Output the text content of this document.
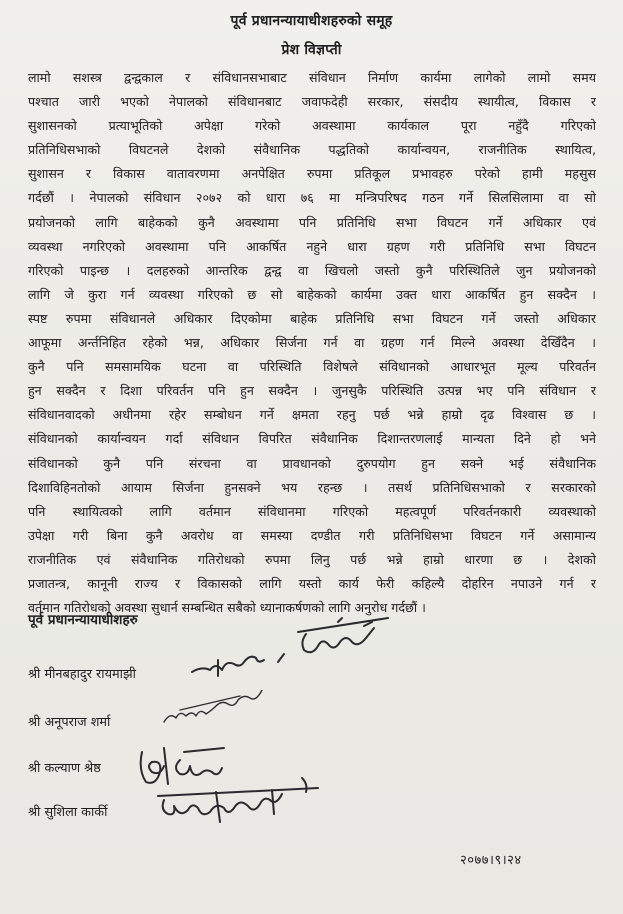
पूर्व प्रधानन्यायाधीशहरुको समूह
प्रेश विज्ञप्ती
लामो सशस्त्र द्वन्द्वकाल र संविधानसभाबाट संविधान निर्माण कार्यमा लागेको लामो समय
पश्चात जारी भएको नेपालको संविधानबाट जवाफदेही सरकार, संसदीय स्थायीत्व, विकास र
सुशासनको प्रत्याभूतिको अपेक्षा गरेको अवस्थामा कार्यकाल पूरा नहुँदै गरिएको
प्रतिनिधिसभाको विघटनले देशको संवैधानिक पद्धतिको कार्यान्वयन, राजनीतिक स्थायित्व,
सुशासन र विकास वातावरणमा अनपेक्षित रुपमा प्रतिकूल प्रभावहरु परेको हामी महसुस
गर्दछौं । नेपालको संविधान २०७२ को धारा ७६ मा मन्त्रिपरिषद गठन गर्ने सिलसिलामा वा सो
प्रयोजनको लागि बाहेकको कुनै अवस्थामा पनि प्रतिनिधि सभा विघटन गर्ने अधिकार एवं
व्यवस्था नगरिएको अवस्थामा पनि आकर्षित नहुने धारा ग्रहण गरी प्रतिनिधि सभा विघटन
गरिएको पाइन्छ । दलहरुको आन्तरिक द्वन्द्व वा खिचलो जस्तो कुनै परिस्थितिले जुन प्रयोजनको
लागि जे कुरा गर्न व्यवस्था गरिएको छ सो बाहेकको कार्यमा उक्त धारा आकर्षित हुन सक्दैन ।
स्पष्ट रुपमा संविधानले अधिकार दिएकोमा बाहेक प्रतिनिधि सभा विघटन गर्ने जस्तो अधिकार
आफूमा अर्न्तनिहित रहेको भन्न, अधिकार सिर्जना गर्न वा ग्रहण गर्न मिल्ने अवस्था देखिँदैन ।
कुनै पनि समसामयिक घटना वा परिस्थिति विशेषले संविधानको आधारभूत मूल्य परिवर्तन
हुन सक्दैन र दिशा परिवर्तन पनि हुन सक्दैन । जुनसुकै परिस्थिति उत्पन्न भए पनि संविधान र
संविधानवादको अधीनमा रहेर सम्बोधन गर्ने क्षमता रहनु पर्छ भन्ने हाम्रो दृढ विश्वास छ ।
संविधानको कार्यान्वयन गर्दा संविधान विपरित संवैधानिक दिशान्तरणलाई मान्यता दिने हो भने
संविधानको कुनै पनि संरचना वा प्रावधानको दुरुपयोग हुन सक्ने भई संवैधानिक
दिशाविहिनतोको आयाम सिर्जना हुनसक्ने भय रहन्छ । तसर्थ प्रतिनिधिसभाको र सरकारको
पनि स्थायित्वको लागि वर्तमान संविधानमा गरिएको महत्वपूर्ण परिवर्तनकारी व्यवस्थाको
उपेक्षा गरी बिना कुनै अवरोध वा समस्या दण्डीत गरी प्रतिनिधिसभा विघटन गर्ने असामान्य
राजनीतिक एवं संवैधानिक गतिरोधको रुपमा लिनु पर्छ भन्ने हाम्रो धारणा छ । देशको
प्रजातन्त्र, कानूनी राज्य र विकासको लागि यस्तो कार्य फेरी कहिल्यै दोहरिन नपाउने गर्न र
वर्तमान गतिरोधको अवस्था सुधार्न सम्बन्धित सबैको ध्यानाकर्षणको लागि अनुरोध गर्दछौं ।
पूर्व प्रधानन्यायाधीशहरु
श्री मीनबहादुर रायमाझी
श्री अनूपराज शर्मा
श्री कल्याण श्रेष्ठ
श्री सुशिला कार्की
२०७७।९।२४
